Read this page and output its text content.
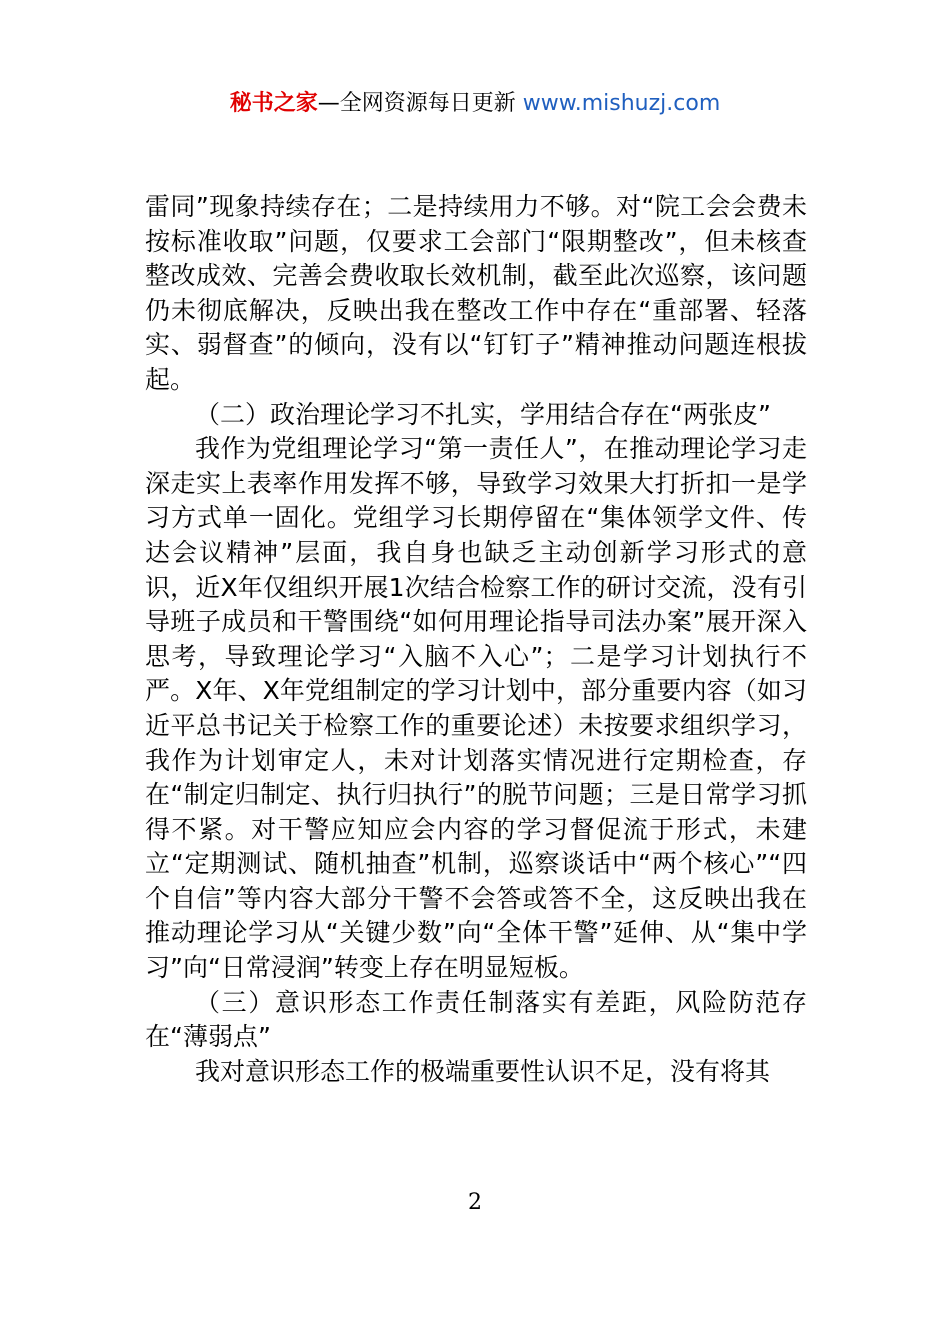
秘书之家—全网资源每日更新 www.mishuzj.com

雷同”现象持续存在；二是持续用力不够。对“院工会会费未按标准收取”问题，仅要求工会部门“限期整改”，但未核查整改成效、完善会费收取长效机制，截至此次巡察，该问题仍未彻底解决，反映出我在整改工作中存在“重部署、轻落实、弱督查”的倾向，没有以“钉钉子”精神推动问题连根拔起。

（二）政治理论学习不扎实，学用结合存在“两张皮”

我作为党组理论学习“第一责任人”，在推动理论学习走深走实上表率作用发挥不够，导致学习效果大打折扣一是学习方式单一固化。党组学习长期停留在“集体领学文件、传达会议精神”层面，我自身也缺乏主动创新学习形式的意识，近X年仅组织开展1次结合检察工作的研讨交流，没有引导班子成员和干警围绕“如何用理论指导司法办案”展开深入思考，导致理论学习“入脑不入心”；二是学习计划执行不严。X年、X年党组制定的学习计划中，部分重要内容（如习近平总书记关于检察工作的重要论述）未按要求组织学习，我作为计划审定人，未对计划落实情况进行定期检查，存在“制定归制定、执行归执行”的脱节问题；三是日常学习抓得不紧。对干警应知应会内容的学习督促流于形式，未建立“定期测试、随机抽查”机制，巡察谈话中“两个核心”“四个自信”等内容大部分干警不会答或答不全，这反映出我在推动理论学习从“关键少数”向“全体干警”延伸、从“集中学习”向“日常浸润”转变上存在明显短板。

（三）意识形态工作责任制落实有差距，风险防范存在“薄弱点”

我对意识形态工作的极端重要性认识不足，没有将其

2
